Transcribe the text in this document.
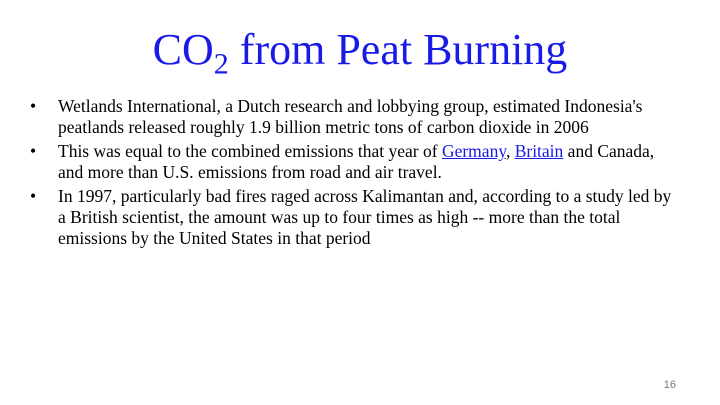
$CO_2$ from Peat Burning
• Wetlands International, a Dutch research and lobbying group, estimated Indonesia's peatlands released roughly 1.9 billion metric tons of carbon dioxide in 2006
• This was equal to the combined emissions that year of Germany, Britain and Canada, and more than U.S. emissions from road and air travel.
• In 1997, particularly bad fires raged across Kalimantan and, according to a study led by a British scientist, the amount was up to four times as high -- more than the total emissions by the United States in that period
16
